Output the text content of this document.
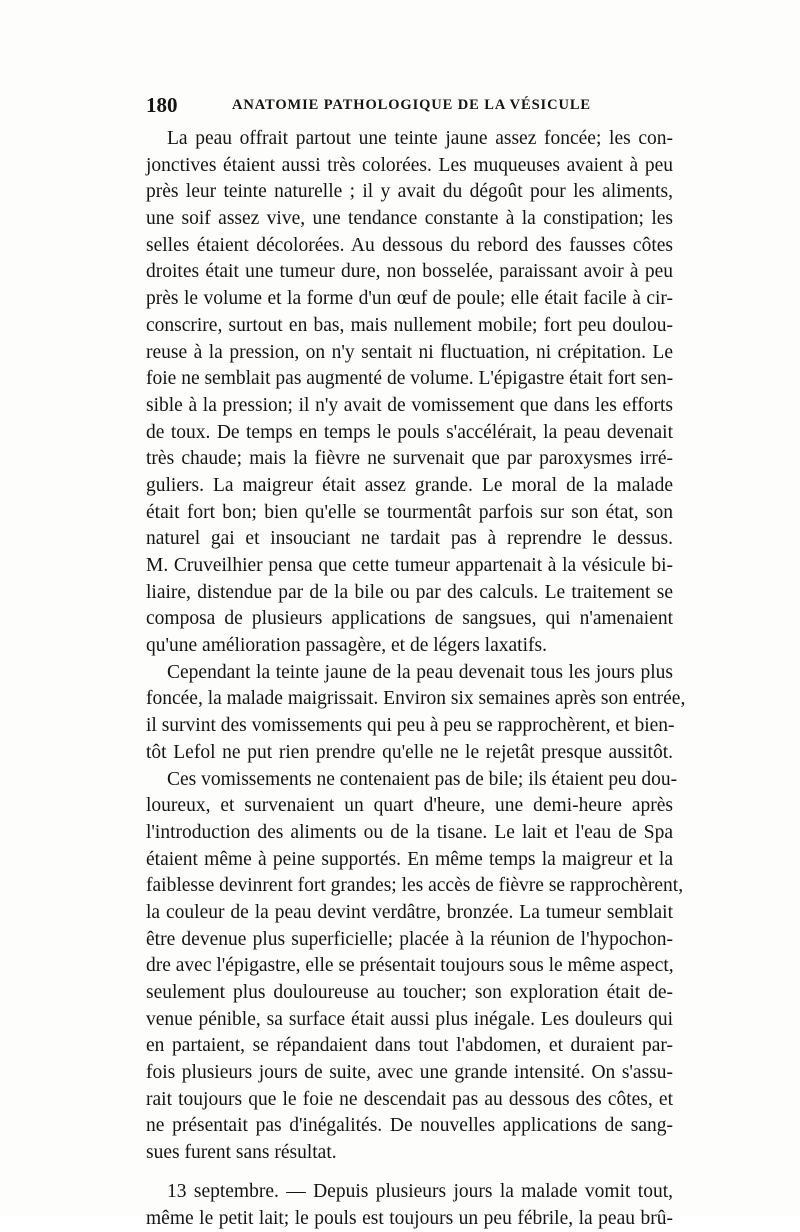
180	ANATOMIE PATHOLOGIQUE DE LA VÉSICULE
La peau offrait partout une teinte jaune assez foncée; les con-
jonctives étaient aussi très colorées. Les muqueuses avaient à peu
près leur teinte naturelle ; il y avait du dégoût pour les aliments,
une soif assez vive, une tendance constante à la constipation; les
selles étaient décolorées. Au dessous du rebord des fausses côtes
droites était une tumeur dure, non bosselée, paraissant avoir à peu
près le volume et la forme d'un œuf de poule; elle était facile à cir-
conscrire, surtout en bas, mais nullement mobile; fort peu doulou-
reuse à la pression, on n'y sentait ni fluctuation, ni crépitation. Le
foie ne semblait pas augmenté de volume. L'épigastre était fort sen-
sible à la pression; il n'y avait de vomissement que dans les efforts
de toux. De temps en temps le pouls s'accélérait, la peau devenait
très chaude; mais la fièvre ne survenait que par paroxysmes irré-
guliers. La maigreur était assez grande. Le moral de la malade
était fort bon; bien qu'elle se tourmentât parfois sur son état, son
naturel gai et insouciant ne tardait pas à reprendre le dessus.
M. Cruveilhier pensa que cette tumeur appartenait à la vésicule bi-
liaire, distendue par de la bile ou par des calculs. Le traitement se
composa de plusieurs applications de sangsues, qui n'amenaient
qu'une amélioration passagère, et de légers laxatifs.
Cependant la teinte jaune de la peau devenait tous les jours plus
foncée, la malade maigrissait. Environ six semaines après son entrée,
il survint des vomissements qui peu à peu se rapprochèrent, et bien-
tôt Lefol ne put rien prendre qu'elle ne le rejetât presque aussitôt.
Ces vomissements ne contenaient pas de bile; ils étaient peu dou-
loureux, et survenaient un quart d'heure, une demi-heure après
l'introduction des aliments ou de la tisane. Le lait et l'eau de Spa
étaient même à peine supportés. En même temps la maigreur et la
faiblesse devinrent fort grandes; les accès de fièvre se rapprochèrent,
la couleur de la peau devint verdâtre, bronzée. La tumeur semblait
être devenue plus superficielle; placée à la réunion de l'hypochon-
dre avec l'épigastre, elle se présentait toujours sous le même aspect,
seulement plus douloureuse au toucher; son exploration était de-
venue pénible, sa surface était aussi plus inégale. Les douleurs qui
en partaient, se répandaient dans tout l'abdomen, et duraient par-
fois plusieurs jours de suite, avec une grande intensité. On s'assu-
rait toujours que le foie ne descendait pas au dessous des côtes, et
ne présentait pas d'inégalités. De nouvelles applications de sang-
sues furent sans résultat.
13 septembre. — Depuis plusieurs jours la malade vomit tout,
même le petit lait; le pouls est toujours un peu fébrile, la peau brû-
